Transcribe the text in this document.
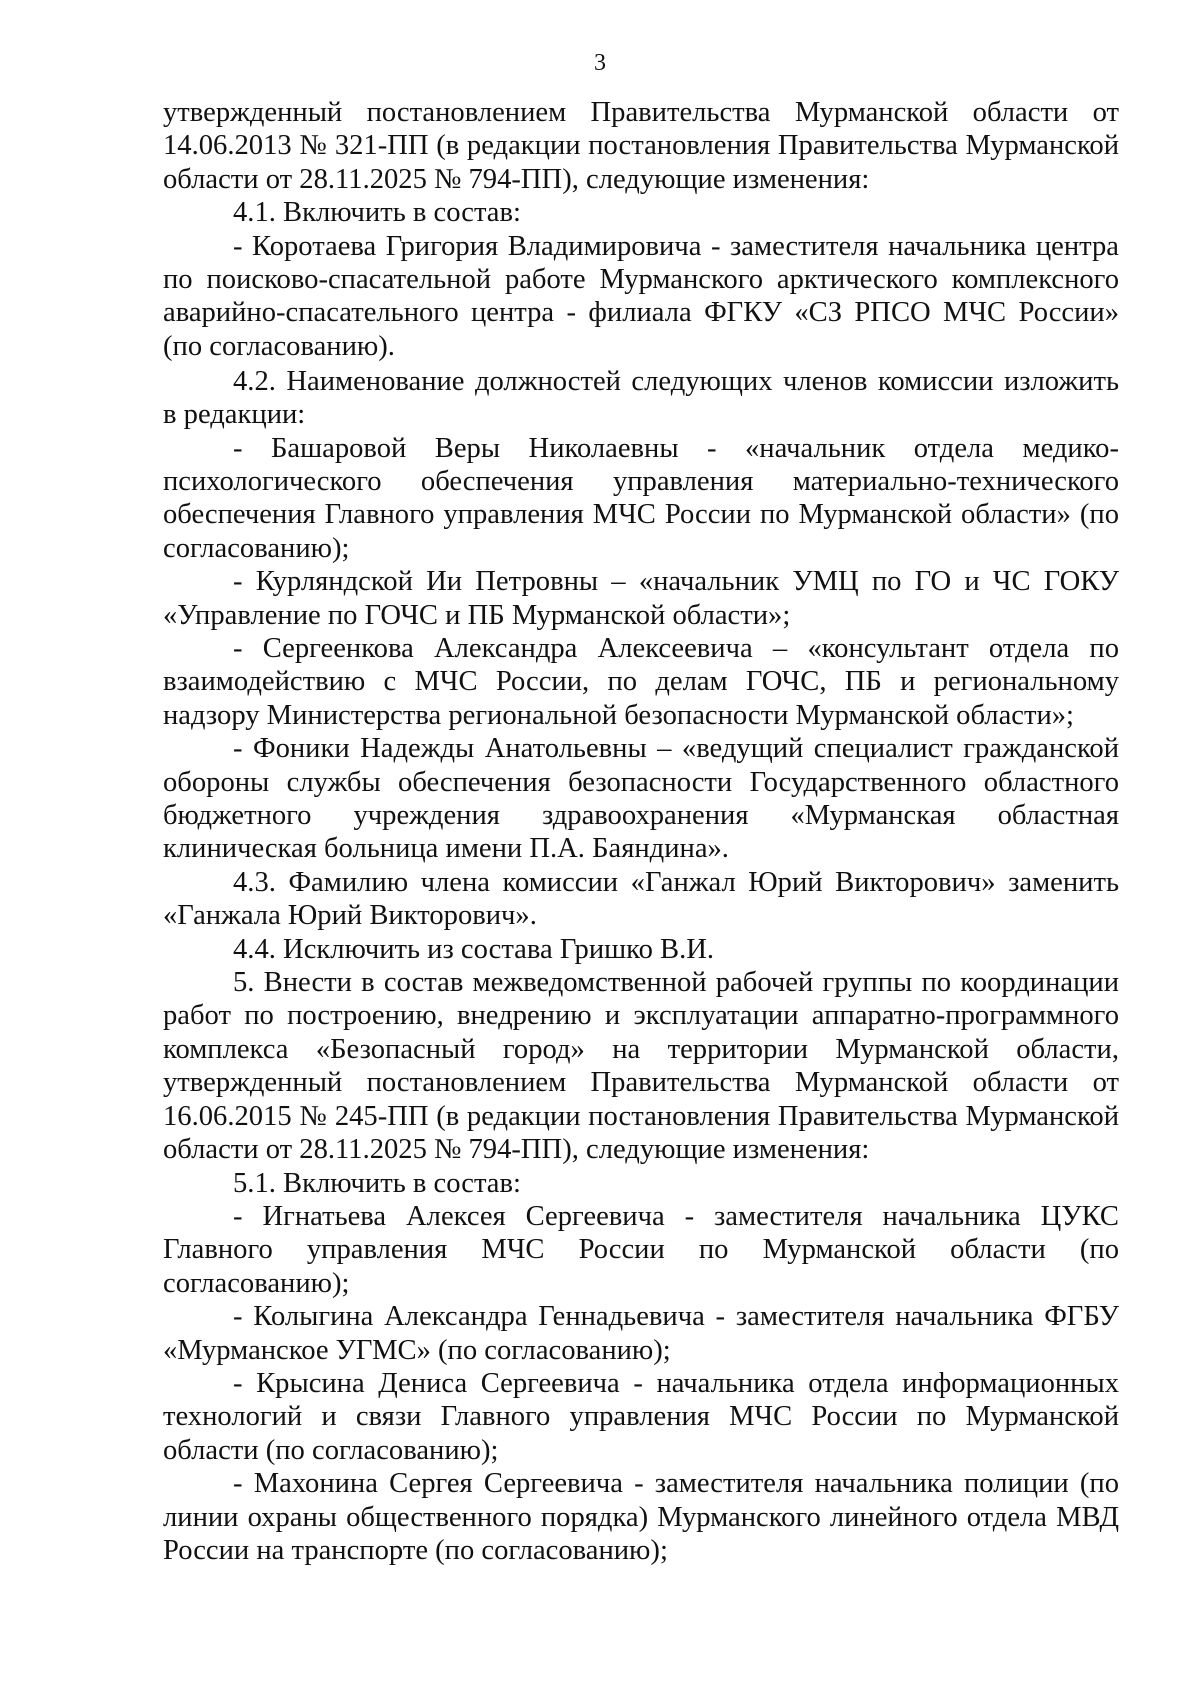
3

утвержденный постановлением Правительства Мурманской области от 14.06.2013 № 321-ПП (в редакции постановления Правительства Мурманской области от 28.11.2025 № 794-ПП), следующие изменения:

4.1. Включить в состав:

- Коротаева Григория Владимировича - заместителя начальника центра по поисково-спасательной работе Мурманского арктического комплексного аварийно-спасательного центра - филиала ФГКУ «СЗ РПСО МЧС России» (по согласованию).

4.2. Наименование должностей следующих членов комиссии изложить в редакции:

- Башаровой Веры Николаевны - «начальник отдела медико-психологического обеспечения управления материально-технического обеспечения Главного управления МЧС России по Мурманской области» (по согласованию);

- Курляндской Ии Петровны – «начальник УМЦ по ГО и ЧС ГОКУ «Управление по ГОЧС и ПБ Мурманской области»;

- Сергеенкова Александра Алексеевича – «консультант отдела по взаимодействию с МЧС России, по делам ГОЧС, ПБ и региональному надзору Министерства региональной безопасности Мурманской области»;

- Фоники Надежды Анатольевны – «ведущий специалист гражданской обороны службы обеспечения безопасности Государственного областного бюджетного учреждения здравоохранения «Мурманская областная клиническая больница имени П.А. Баяндина».

4.3. Фамилию члена комиссии «Ганжал Юрий Викторович» заменить «Ганжала Юрий Викторович».

4.4. Исключить из состава Гришко В.И.

5. Внести в состав межведомственной рабочей группы по координации работ по построению, внедрению и эксплуатации аппаратно-программного комплекса «Безопасный город» на территории Мурманской области, утвержденный постановлением Правительства Мурманской области от 16.06.2015 № 245-ПП (в редакции постановления Правительства Мурманской области от 28.11.2025 № 794-ПП), следующие изменения:

5.1. Включить в состав:

- Игнатьева Алексея Сергеевича - заместителя начальника ЦУКС Главного управления МЧС России по Мурманской области (по согласованию);

- Колыгина Александра Геннадьевича - заместителя начальника ФГБУ «Мурманское УГМС» (по согласованию);

- Крысина Дениса Сергеевича - начальника отдела информационных технологий и связи Главного управления МЧС России по Мурманской области (по согласованию);

- Махонина Сергея Сергеевича - заместителя начальника полиции (по линии охраны общественного порядка) Мурманского линейного отдела МВД России на транспорте (по согласованию);
